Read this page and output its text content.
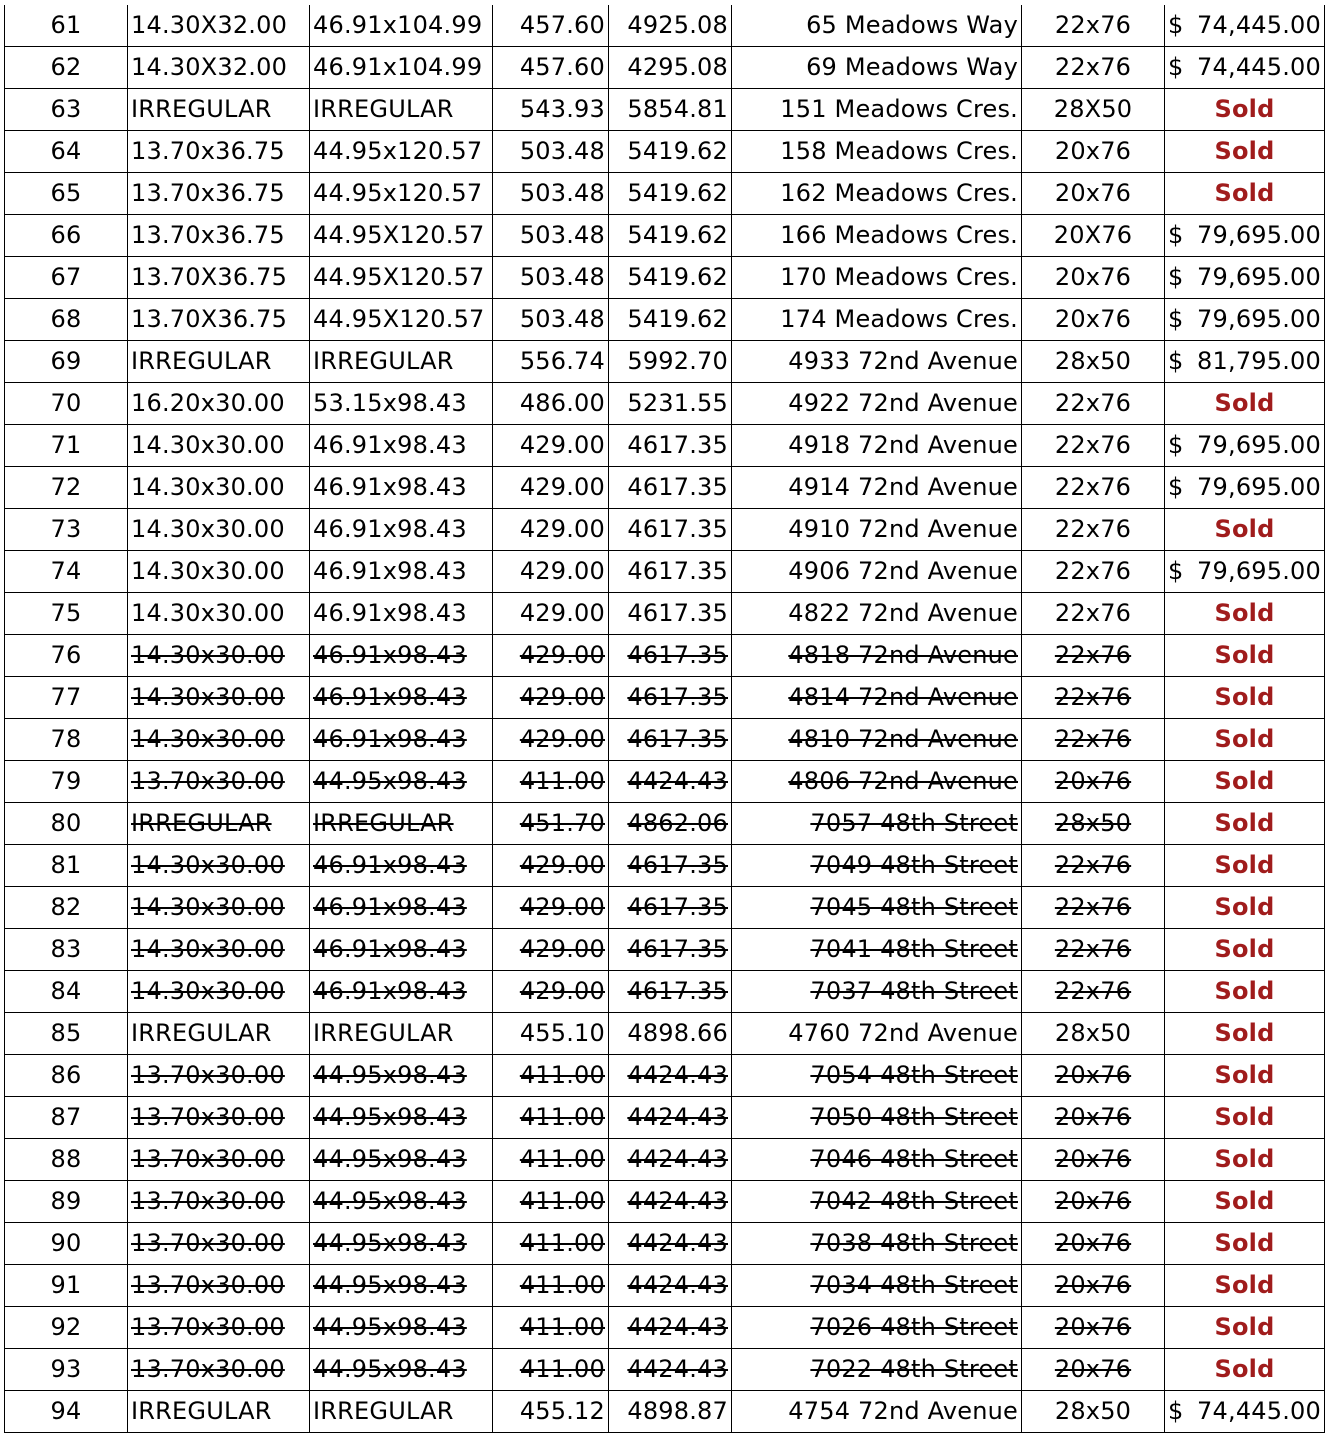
61	14.30X32.00	46.91x104.99	457.60	4925.08	65 Meadows Way	22x76	$ 74,445.00

62	14.30X32.00	46.91x104.99	457.60	4295.08	69 Meadows Way	22x76	$ 74,445.00

63	IRREGULAR	IRREGULAR	543.93	5854.81	151 Meadows Cres.	28X50	Sold
64	13.70x36.75	44.95x120.57	503.48	5419.62	158 Meadows Cres.	20x76	Sold
65	13.70x36.75	44.95x120.57	503.48	5419.62	162 Meadows Cres.	20x76	Sold
66	13.70x36.75	44.95X120.57	503.48	5419.62	166 Meadows Cres.	20X76	$ 79,695.00

67	13.70X36.75	44.95X120.57	503.48	5419.62	170 Meadows Cres.	20x76	$ 79,695.00

68	13.70X36.75	44.95X120.57	503.48	5419.62	174 Meadows Cres.	20x76	$ 79,695.00

69	IRREGULAR	IRREGULAR	556.74	5992.70	4933 72nd Avenue	28x50	$ 81,795.00

70	16.20x30.00	53.15x98.43	486.00	5231.55	4922 72nd Avenue	22x76	Sold
71	14.30x30.00	46.91x98.43	429.00	4617.35	4918 72nd Avenue	22x76	$ 79,695.00

72	14.30x30.00	46.91x98.43	429.00	4617.35	4914 72nd Avenue	22x76	$ 79,695.00

73	14.30x30.00	46.91x98.43	429.00	4617.35	4910 72nd Avenue	22x76	Sold
74	14.30x30.00	46.91x98.43	429.00	4617.35	4906 72nd Avenue	22x76	$ 79,695.00

75	14.30x30.00	46.91x98.43	429.00	4617.35	4822 72nd Avenue	22x76	Sold
76	14.30x30.00	46.91x98.43	429.00	4617.35	4818 72nd Avenue	22x76	Sold
77	14.30x30.00	46.91x98.43	429.00	4617.35	4814 72nd Avenue	22x76	Sold
78	14.30x30.00	46.91x98.43	429.00	4617.35	4810 72nd Avenue	22x76	Sold
79	13.70x30.00	44.95x98.43	411.00	4424.43	4806 72nd Avenue	20x76	Sold
80	IRREGULAR	IRREGULAR	451.70	4862.06	7057 48th Street	28x50	Sold
81	14.30x30.00	46.91x98.43	429.00	4617.35	7049 48th Street	22x76	Sold
82	14.30x30.00	46.91x98.43	429.00	4617.35	7045 48th Street	22x76	Sold
83	14.30x30.00	46.91x98.43	429.00	4617.35	7041 48th Street	22x76	Sold
84	14.30x30.00	46.91x98.43	429.00	4617.35	7037 48th Street	22x76	Sold
85	IRREGULAR	IRREGULAR	455.10	4898.66	4760 72nd Avenue	28x50	Sold
86	13.70x30.00	44.95x98.43	411.00	4424.43	7054 48th Street	20x76	Sold
87	13.70x30.00	44.95x98.43	411.00	4424.43	7050 48th Street	20x76	Sold
88	13.70x30.00	44.95x98.43	411.00	4424.43	7046 48th Street	20x76	Sold
89	13.70x30.00	44.95x98.43	411.00	4424.43	7042 48th Street	20x76	Sold
90	13.70x30.00	44.95x98.43	411.00	4424.43	7038 48th Street	20x76	Sold
91	13.70x30.00	44.95x98.43	411.00	4424.43	7034 48th Street	20x76	Sold
92	13.70x30.00	44.95x98.43	411.00	4424.43	7026 48th Street	20x76	Sold
93	13.70x30.00	44.95x98.43	411.00	4424.43	7022 48th Street	20x76	Sold
94	IRREGULAR	IRREGULAR	455.12	4898.87	4754 72nd Avenue	28x50	$ 74,445.00
